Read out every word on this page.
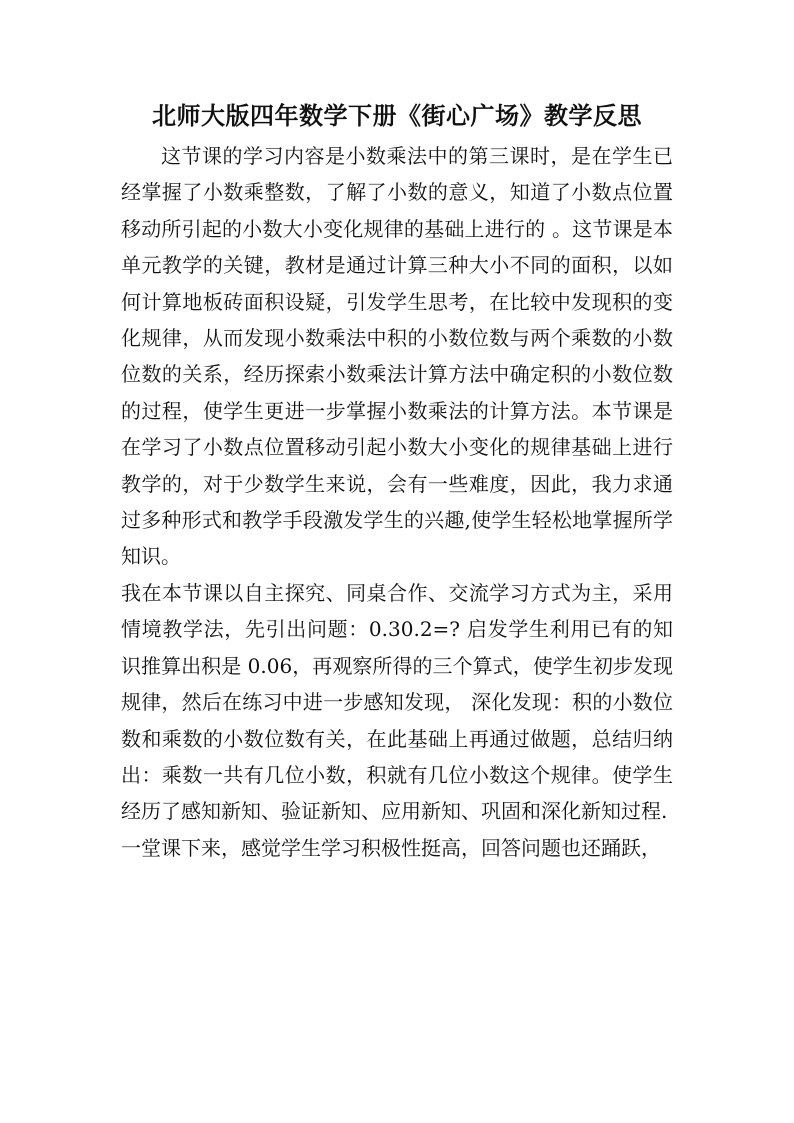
北师大版四年数学下册《街心广场》教学反思

这节课的学习内容是小数乘法中的第三课时，是在学生已经掌握了小数乘整数，了解了小数的意义，知道了小数点位置移动所引起的小数大小变化规律的基础上进行的 。这节课是本单元教学的关键，教材是通过计算三种大小不同的面积，以如何计算地板砖面积设疑，引发学生思考，在比较中发现积的变化规律，从而发现小数乘法中积的小数位数与两个乘数的小数位数的关系，经历探索小数乘法计算方法中确定积的小数位数的过程，使学生更进一步掌握小数乘法的计算方法。本节课是在学习了小数点位置移动引起小数大小变化的规律基础上进行教学的，对于少数学生来说，会有一些难度，因此，我力求通过多种形式和教学手段激发学生的兴趣,使学生轻松地掌握所学知识。

我在本节课以自主探究、同桌合作、交流学习方式为主，采用情境教学法，先引出问题：0.30.2=? 启发学生利用已有的知识推算出积是 0.06，再观察所得的三个算式，使学生初步发现规律，然后在练习中进一步感知发现， 深化发现：积的小数位数和乘数的小数位数有关，在此基础上再通过做题，总结归纳出：乘数一共有几位小数，积就有几位小数这个规律。使学生经历了感知新知、验证新知、应用新知、巩固和深化新知过程.

一堂课下来，感觉学生学习积极性挺高，回答问题也还踊跃，
